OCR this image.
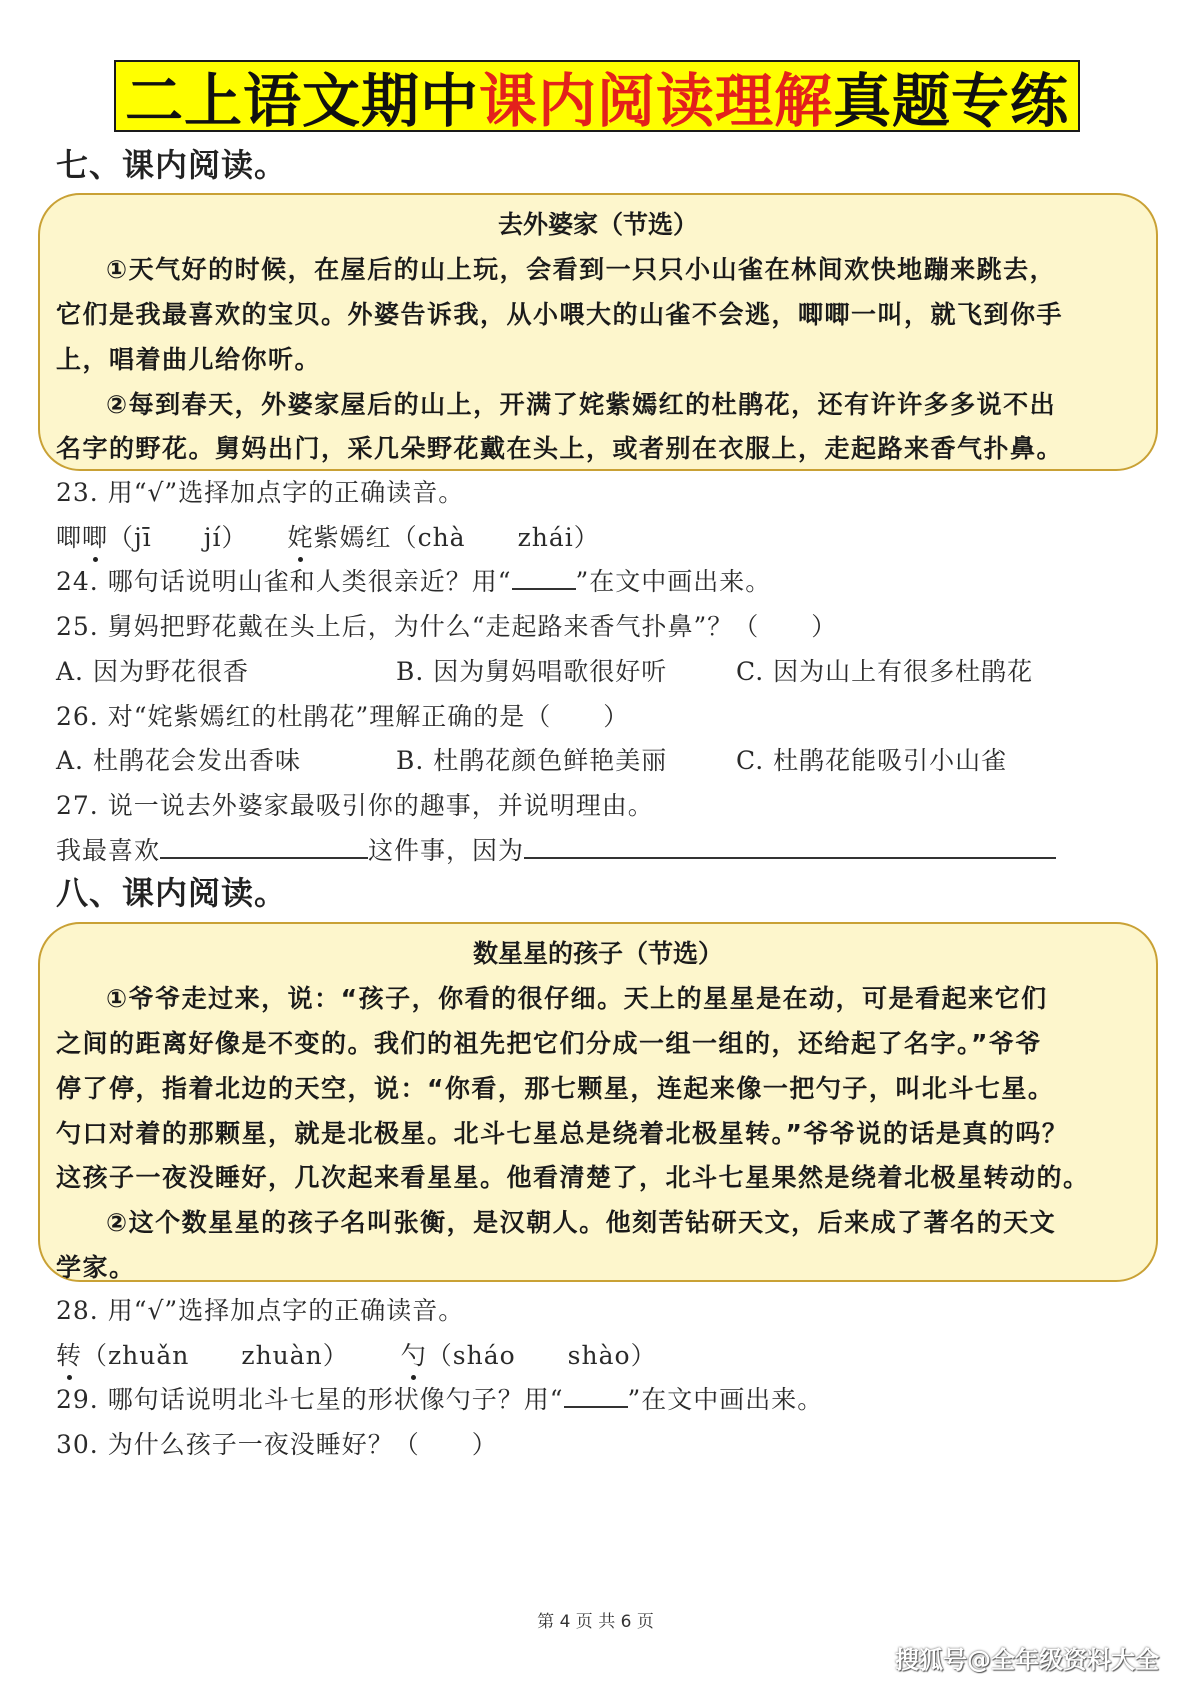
二上语文期中 课内阅读理解 真题专练
七、课内阅读。
去外婆家（节选）
①天气好的时候，在屋后的山上玩，会看到一只只小山雀在林间欢快地蹦来跳去，
它们是我最喜欢的宝贝。外婆告诉我，从小喂大的山雀不会逃，唧唧一叫，就飞到你手
上，唱着曲儿给你听。
②每到春天，外婆家屋后的山上，开满了姹紫嫣红的杜鹃花，还有许许多多说不出
名字的野花。舅妈出门，采几朵野花戴在头上，或者别在衣服上，走起路来香气扑鼻。
23. 用“√”选择加点字的正确读音。
唧唧（jī　　jí） 姹紫嫣红（chà　　zhái）
24. 哪句话说明山雀和人类很亲近？用“	”在文中画出来。
25. 舅妈把野花戴在头上后，为什么“走起路来香气扑鼻”？（　　）
A. 因为野花很香	B. 因为舅妈唱歌很好听	C. 因为山上有很多杜鹃花
26. 对“姹紫嫣红的杜鹃花”理解正确的是（　　）
A. 杜鹃花会发出香味	B. 杜鹃花颜色鲜艳美丽	C. 杜鹃花能吸引小山雀
27. 说一说去外婆家最吸引你的趣事，并说明理由。
我最喜欢	这件事，因为
八、课内阅读。
数星星的孩子（节选）
①爷爷走过来，说：“孩子，你看的很仔细。天上的星星是在动，可是看起来它们
之间的距离好像是不变的。我们的祖先把它们分成一组一组的，还给起了名字。”爷爷
停了停，指着北边的天空，说：“你看，那七颗星，连起来像一把勺子，叫北斗七星。
勺口对着的那颗星，就是北极星。北斗七星总是绕着北极星转。”爷爷说的话是真的吗？
这孩子一夜没睡好，几次起来看星星。他看清楚了，北斗七星果然是绕着北极星转动的。
②这个数星星的孩子名叫张衡，是汉朝人。他刻苦钻研天文，后来成了著名的天文
学家。
28. 用“√”选择加点字的正确读音。
转（zhuǎn　　zhuàn） 勺（sháo　　shào）
29. 哪句话说明北斗七星的形状像勺子？用“	”在文中画出来。
30. 为什么孩子一夜没睡好？（　　）
第 4 页 共 6 页
搜狐号@全年级资料大全
